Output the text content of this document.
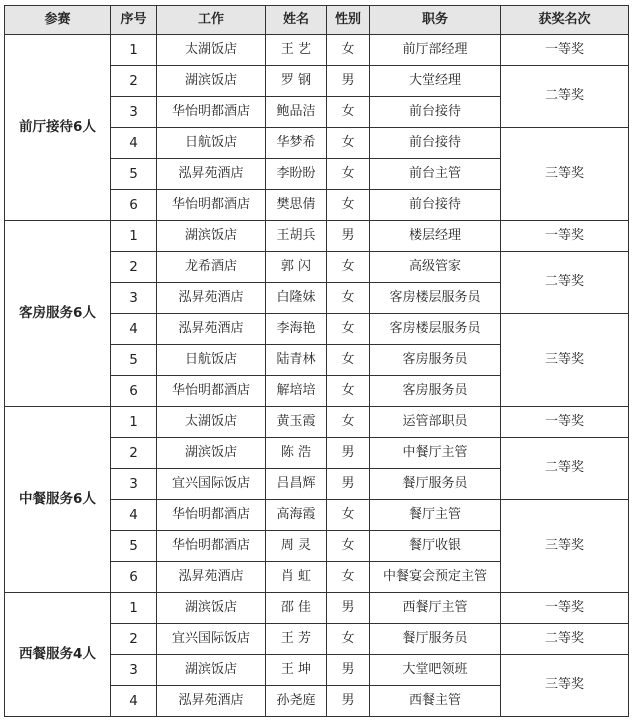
参赛	序号	工作	姓名	性别	职务	获奖名次
前厅接待6人	1	太湖饭店	王 艺	女	前厅部经理	一等奖
	2	湖滨饭店	罗 钢	男	大堂经理	二等奖
	3	华怡明都酒店	鲍品洁	女	前台接待	
	4	日航饭店	华梦希	女	前台接待	三等奖
	5	泓昇苑酒店	李盼盼	女	前台主管	
	6	华怡明都酒店	樊思倩	女	前台接待	
客房服务6人	1	湖滨饭店	王胡兵	男	楼层经理	一等奖
	2	龙希酒店	郭 闪	女	高级管家	二等奖
	3	泓昇苑酒店	白隆妹	女	客房楼层服务员	
	4	泓昇苑酒店	李海艳	女	客房楼层服务员	三等奖
	5	日航饭店	陆青林	女	客房服务员	
	6	华怡明都酒店	解培培	女	客房服务员	
中餐服务6人	1	太湖饭店	黄玉霞	女	运管部职员	一等奖
	2	湖滨饭店	陈 浩	男	中餐厅主管	二等奖
	3	宜兴国际饭店	吕昌辉	男	餐厅服务员	
	4	华怡明都酒店	高海霞	女	餐厅主管	三等奖
	5	华怡明都酒店	周 灵	女	餐厅收银	
	6	泓昇苑酒店	肖 虹	女	中餐宴会预定主管	
西餐服务4人	1	湖滨饭店	邵 佳	男	西餐厅主管	一等奖
	2	宜兴国际饭店	王 芳	女	餐厅服务员	二等奖
	3	湖滨饭店	王 坤	男	大堂吧领班	三等奖
	4	泓昇苑酒店	孙尧庭	男	西餐主管	
